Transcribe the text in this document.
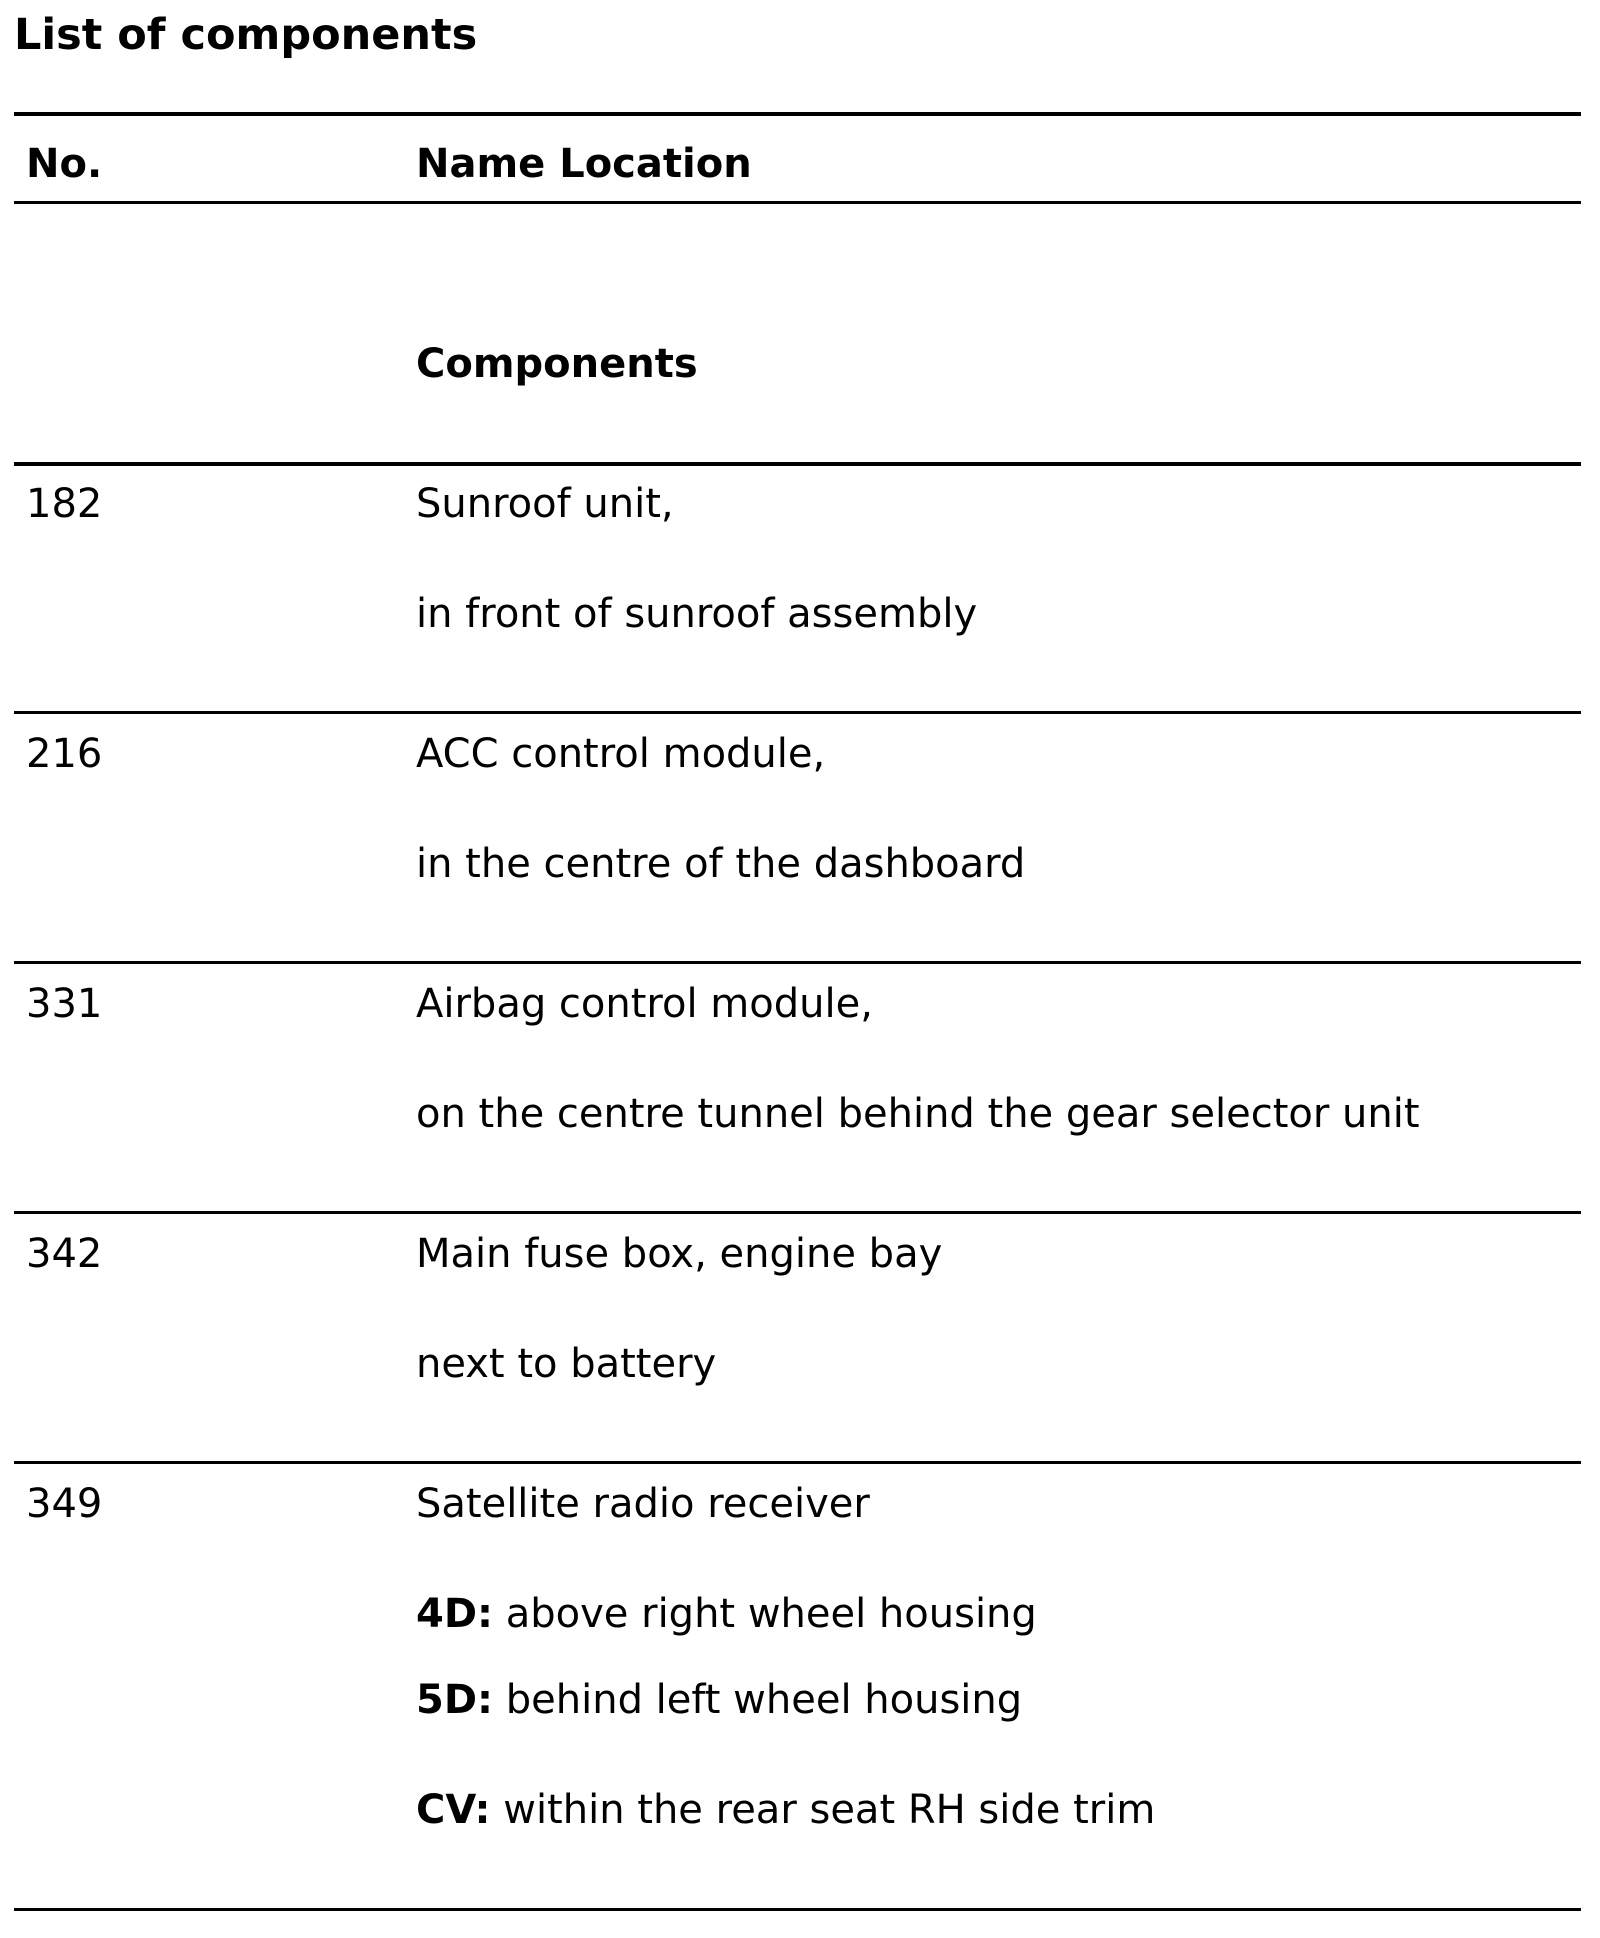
List of components
No.	Name Location
Components
182	Sunroof unit,
in front of sunroof assembly
216	ACC control module,
in the centre of the dashboard
331	Airbag control module,
on the centre tunnel behind the gear selector unit
342	Main fuse box, engine bay
next to battery
349	Satellite radio receiver
4D: above right wheel housing
5D: behind left wheel housing
CV: within the rear seat RH side trim
